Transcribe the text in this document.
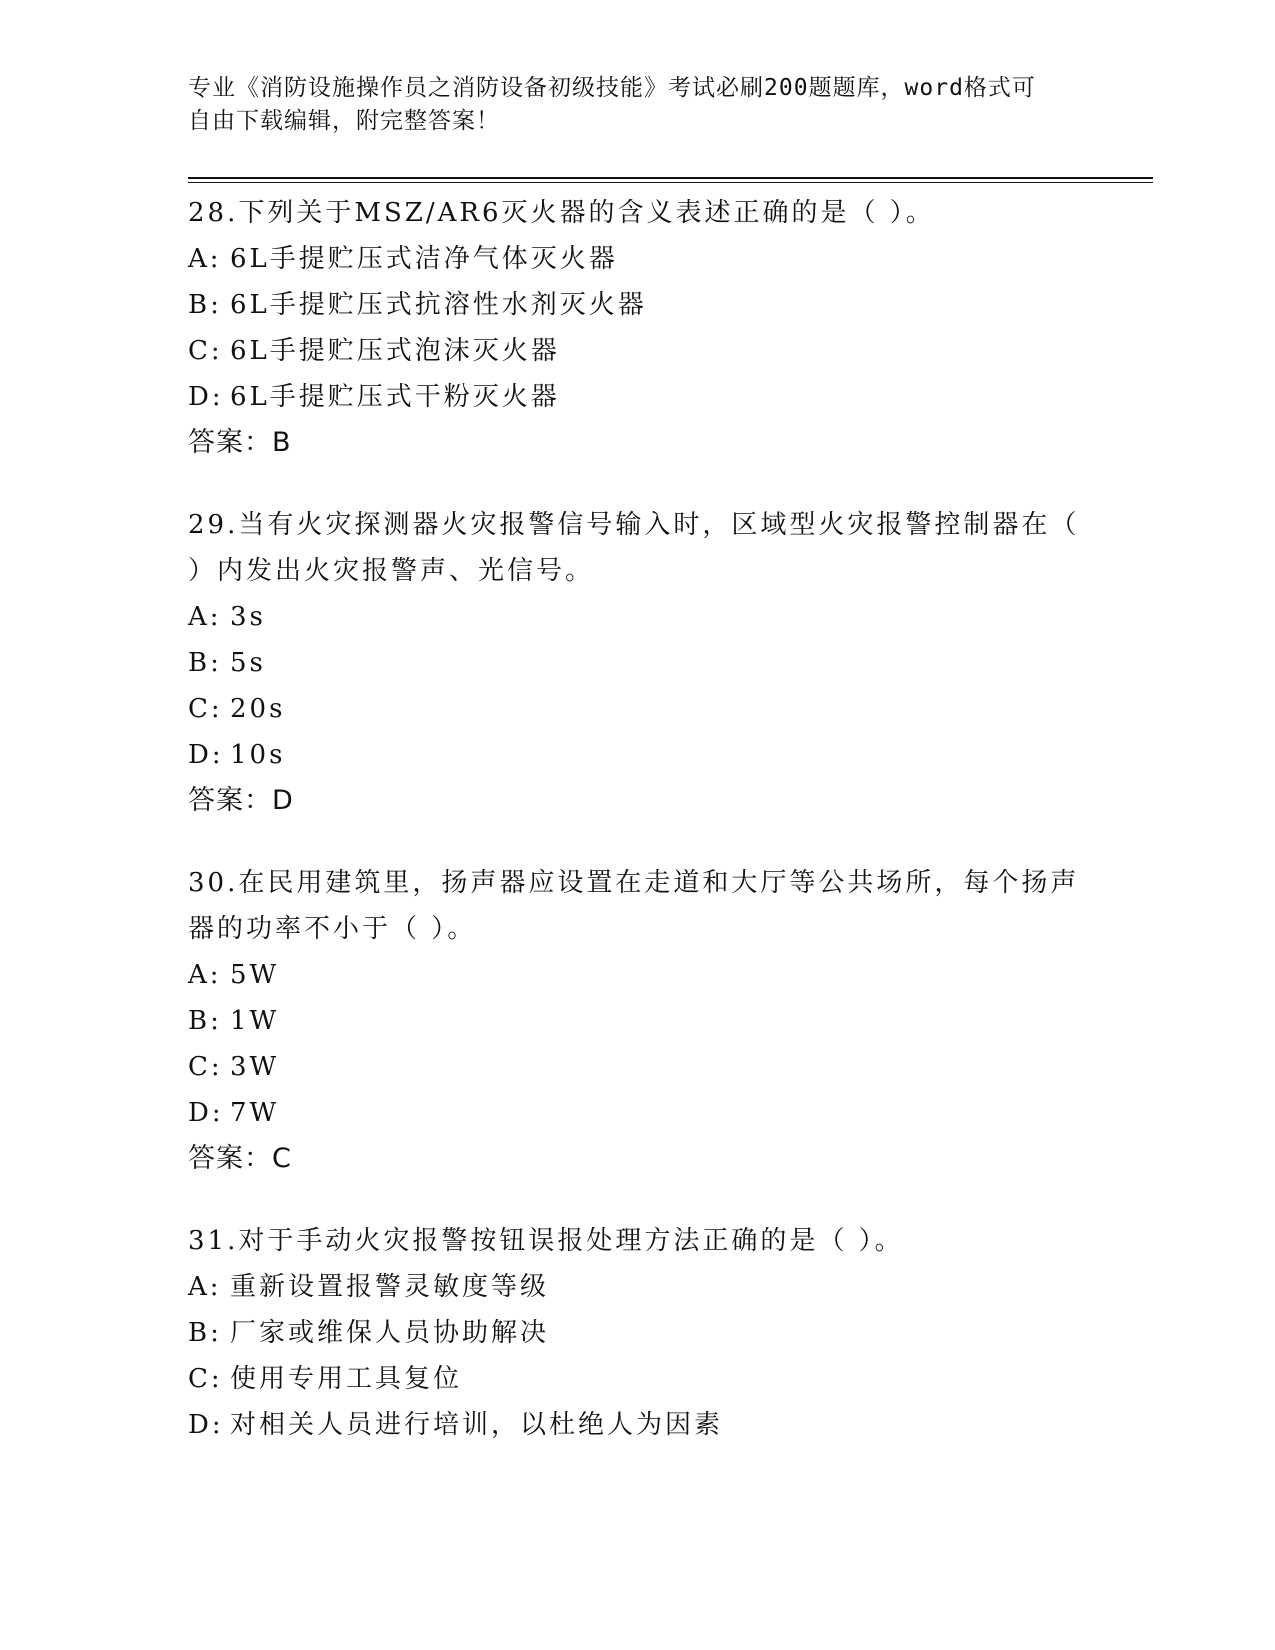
专业《消防设施操作员之消防设备初级技能》考试必刷200题题库，word格式可
自由下载编辑，附完整答案！
28.下列关于MSZ/AR6灭火器的含义表述正确的是（ ）。
A: 6L手提贮压式洁净气体灭火器
B: 6L手提贮压式抗溶性水剂灭火器
C: 6L手提贮压式泡沫灭火器
D: 6L手提贮压式干粉灭火器
答案：B
29.当有火灾探测器火灾报警信号输入时，区域型火灾报警控制器在（ ）内发出火灾报警声、光信号。
A: 3s
B: 5s
C: 20s
D: 10s
答案：D
30.在民用建筑里，扬声器应设置在走道和大厅等公共场所，每个扬声器的功率不小于（ ）。
A: 5W
B: 1W
C: 3W
D: 7W
答案：C
31.对于手动火灾报警按钮误报处理方法正确的是（ ）。
A: 重新设置报警灵敏度等级
B: 厂家或维保人员协助解决
C: 使用专用工具复位
D: 对相关人员进行培训，以杜绝人为因素
